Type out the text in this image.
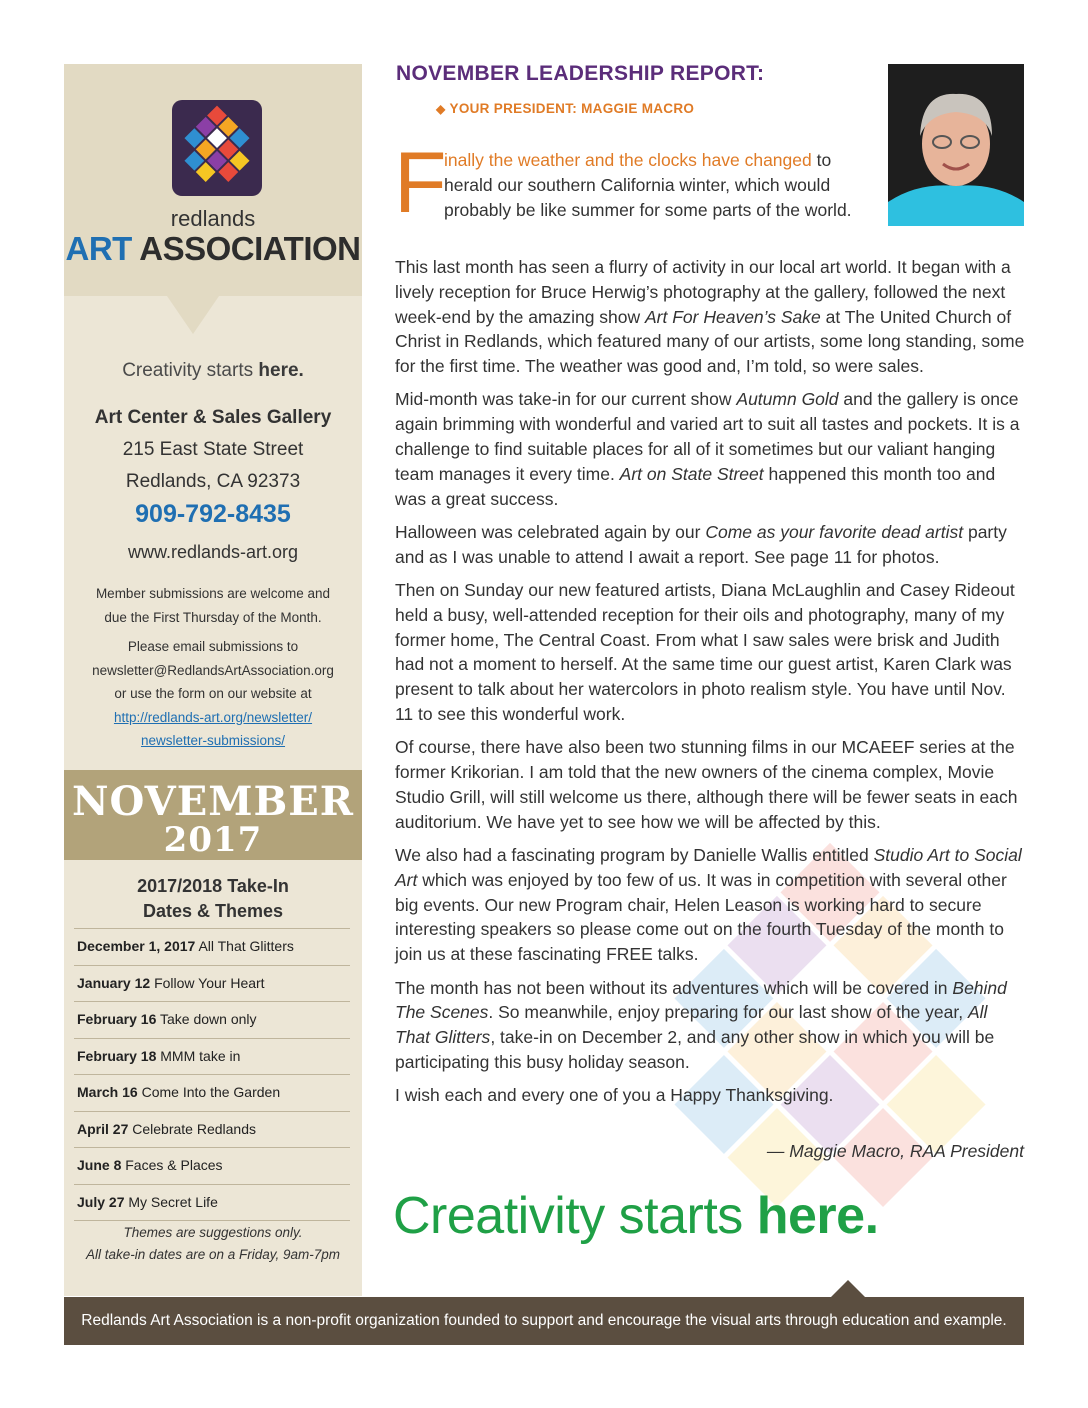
redlands
ART ASSOCIATION
Creativity starts here.
Art Center & Sales Gallery
215 East State Street
Redlands, CA 92373
909-792-8435
www.redlands-art.org
Member submissions are welcome and
due the First Thursday of the Month.
Please email submissions to
newsletter@RedlandsArtAssociation.org
or use the form on our website at
http://redlands-art.org/newsletter/
newsletter-submissions/
NOVEMBER
2017
2017/2018 Take-In
Dates & Themes
December 1, 2017 All That Glitters
January 12 Follow Your Heart
February 16 Take down only
February 18 MMM take in
March 16 Come Into the Garden
April 27 Celebrate Redlands
June 8 Faces & Places
July 27 My Secret Life
Themes are suggestions only.
All take-in dates are on a Friday, 9am-7pm
NOVEMBER LEADERSHIP REPORT:
◆ YOUR PRESIDENT: MAGGIE MACRO
F
inally the weather and the clocks have changed to herald our southern California winter, which would probably be like summer for some parts of the world.

This last month has seen a flurry of activity in our local art world. It began with a lively reception for Bruce Herwig’s photography at the gallery, followed the next week-end by the amazing show Art For Heaven’s Sake at The United Church of Christ in Redlands, which featured many of our artists, some long standing, some for the first time. The weather was good and, I’m told, so were sales.

Mid-month was take-in for our current show Autumn Gold and the gallery is once again brimming with wonderful and varied art to suit all tastes and pockets. It is a challenge to find suitable places for all of it sometimes but our valiant hanging team manages it every time. Art on State Street happened this month too and was a great success.

Halloween was celebrated again by our Come as your favorite dead artist party and as I was unable to attend I await a report. See page 11 for photos.

Then on Sunday our new featured artists, Diana McLaughlin and Casey Rideout held a busy, well-attended reception for their oils and photography, many of my former home, The Central Coast. From what I saw sales were brisk and Judith had not a moment to herself. At the same time our guest artist, Karen Clark was present to talk about her watercolors in photo realism style. You have until Nov. 11 to see this wonderful work.

Of course, there have also been two stunning films in our MCAEEF series at the former Krikorian. I am told that the new owners of the cinema complex, Movie Studio Grill, will still welcome us there, although there will be fewer seats in each auditorium. We have yet to see how we will be affected by this.

We also had a fascinating program by Danielle Wallis entitled Studio Art to Social Art which was enjoyed by too few of us. It was in competition with several other big events. Our new Program chair, Helen Leason is working hard to secure interesting speakers so please come out on the fourth Tuesday of the month to join us at these fascinating FREE talks.

The month has not been without its adventures which will be covered in Behind The Scenes. So meanwhile, enjoy preparing for our last show of the year, All That Glitters, take-in on December 2, and any other show in which you will be participating this busy holiday season.

I wish each and every one of you a Happy Thanksgiving.

— Maggie Macro, RAA President
Creativity starts here.
Redlands Art Association is a non-profit organization founded to support and encourage the visual arts through education and example.
